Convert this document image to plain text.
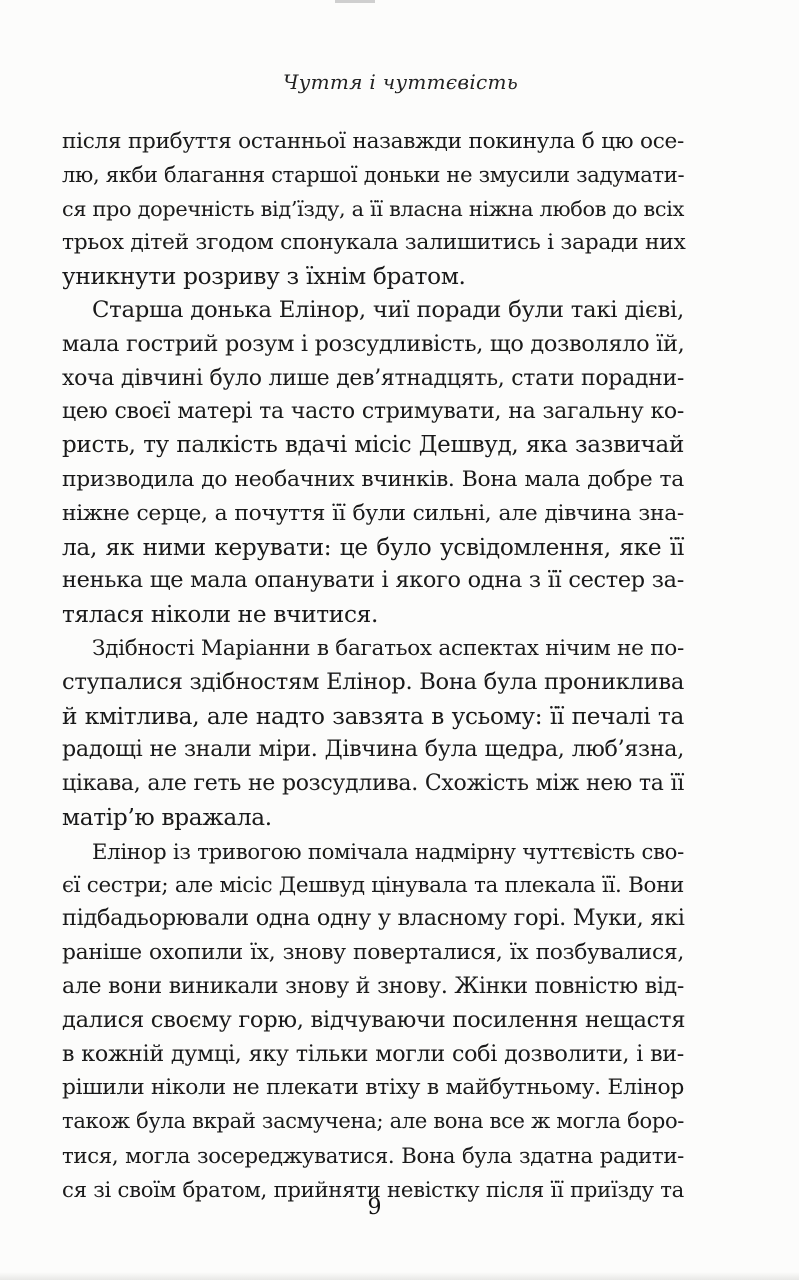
Чуття і чуттєвість
після прибуття останньої назавжди покинула б цю осе-
лю, якби благання старшої доньки не змусили задумати-
ся про доречність від’їзду, а її власна ніжна любов до всіх
трьох дітей згодом спонукала залишитись і заради них
уникнути розриву з їхнім братом.
Старша донька Елінор, чиї поради були такі дієві,
мала гострий розум і розсудливість, що дозволяло їй,
хоча дівчині було лише дев’ятнадцять, стати порадни-
цею своєї матері та часто стримувати, на загальну ко-
ристь, ту палкість вдачі місіс Дешвуд, яка зазвичай
призводила до необачних вчинків. Вона мала добре та
ніжне серце, а почуття її були сильні, але дівчина зна-
ла, як ними керувати: це було усвідомлення, яке її
ненька ще мала опанувати і якого одна з її сестер за-
тялася ніколи не вчитися.
Здібності Маріанни в багатьох аспектах нічим не по-
ступалися здібностям Елінор. Вона була прониклива
й кмітлива, але надто завзята в усьому: її печалі та
радощі не знали міри. Дівчина була щедра, люб’язна,
цікава, але геть не розсудлива. Схожість між нею та її
матір’ю вражала.
Елінор із тривогою помічала надмірну чуттєвість сво-
єї сестри; але місіс Дешвуд цінувала та плекала її. Вони
підбадьорювали одна одну у власному горі. Муки, які
раніше охопили їх, знову поверталися, їх позбувалися,
але вони виникали знову й знову. Жінки повністю від-
далися своєму горю, відчуваючи посилення нещастя
в кожній думці, яку тільки могли собі дозволити, і ви-
рішили ніколи не плекати втіху в майбутньому. Елінор
також була вкрай засмучена; але вона все ж могла боро-
тися, могла зосереджуватися. Вона була здатна радити-
ся зі своїм братом, прийняти невістку після її приїзду та
9
